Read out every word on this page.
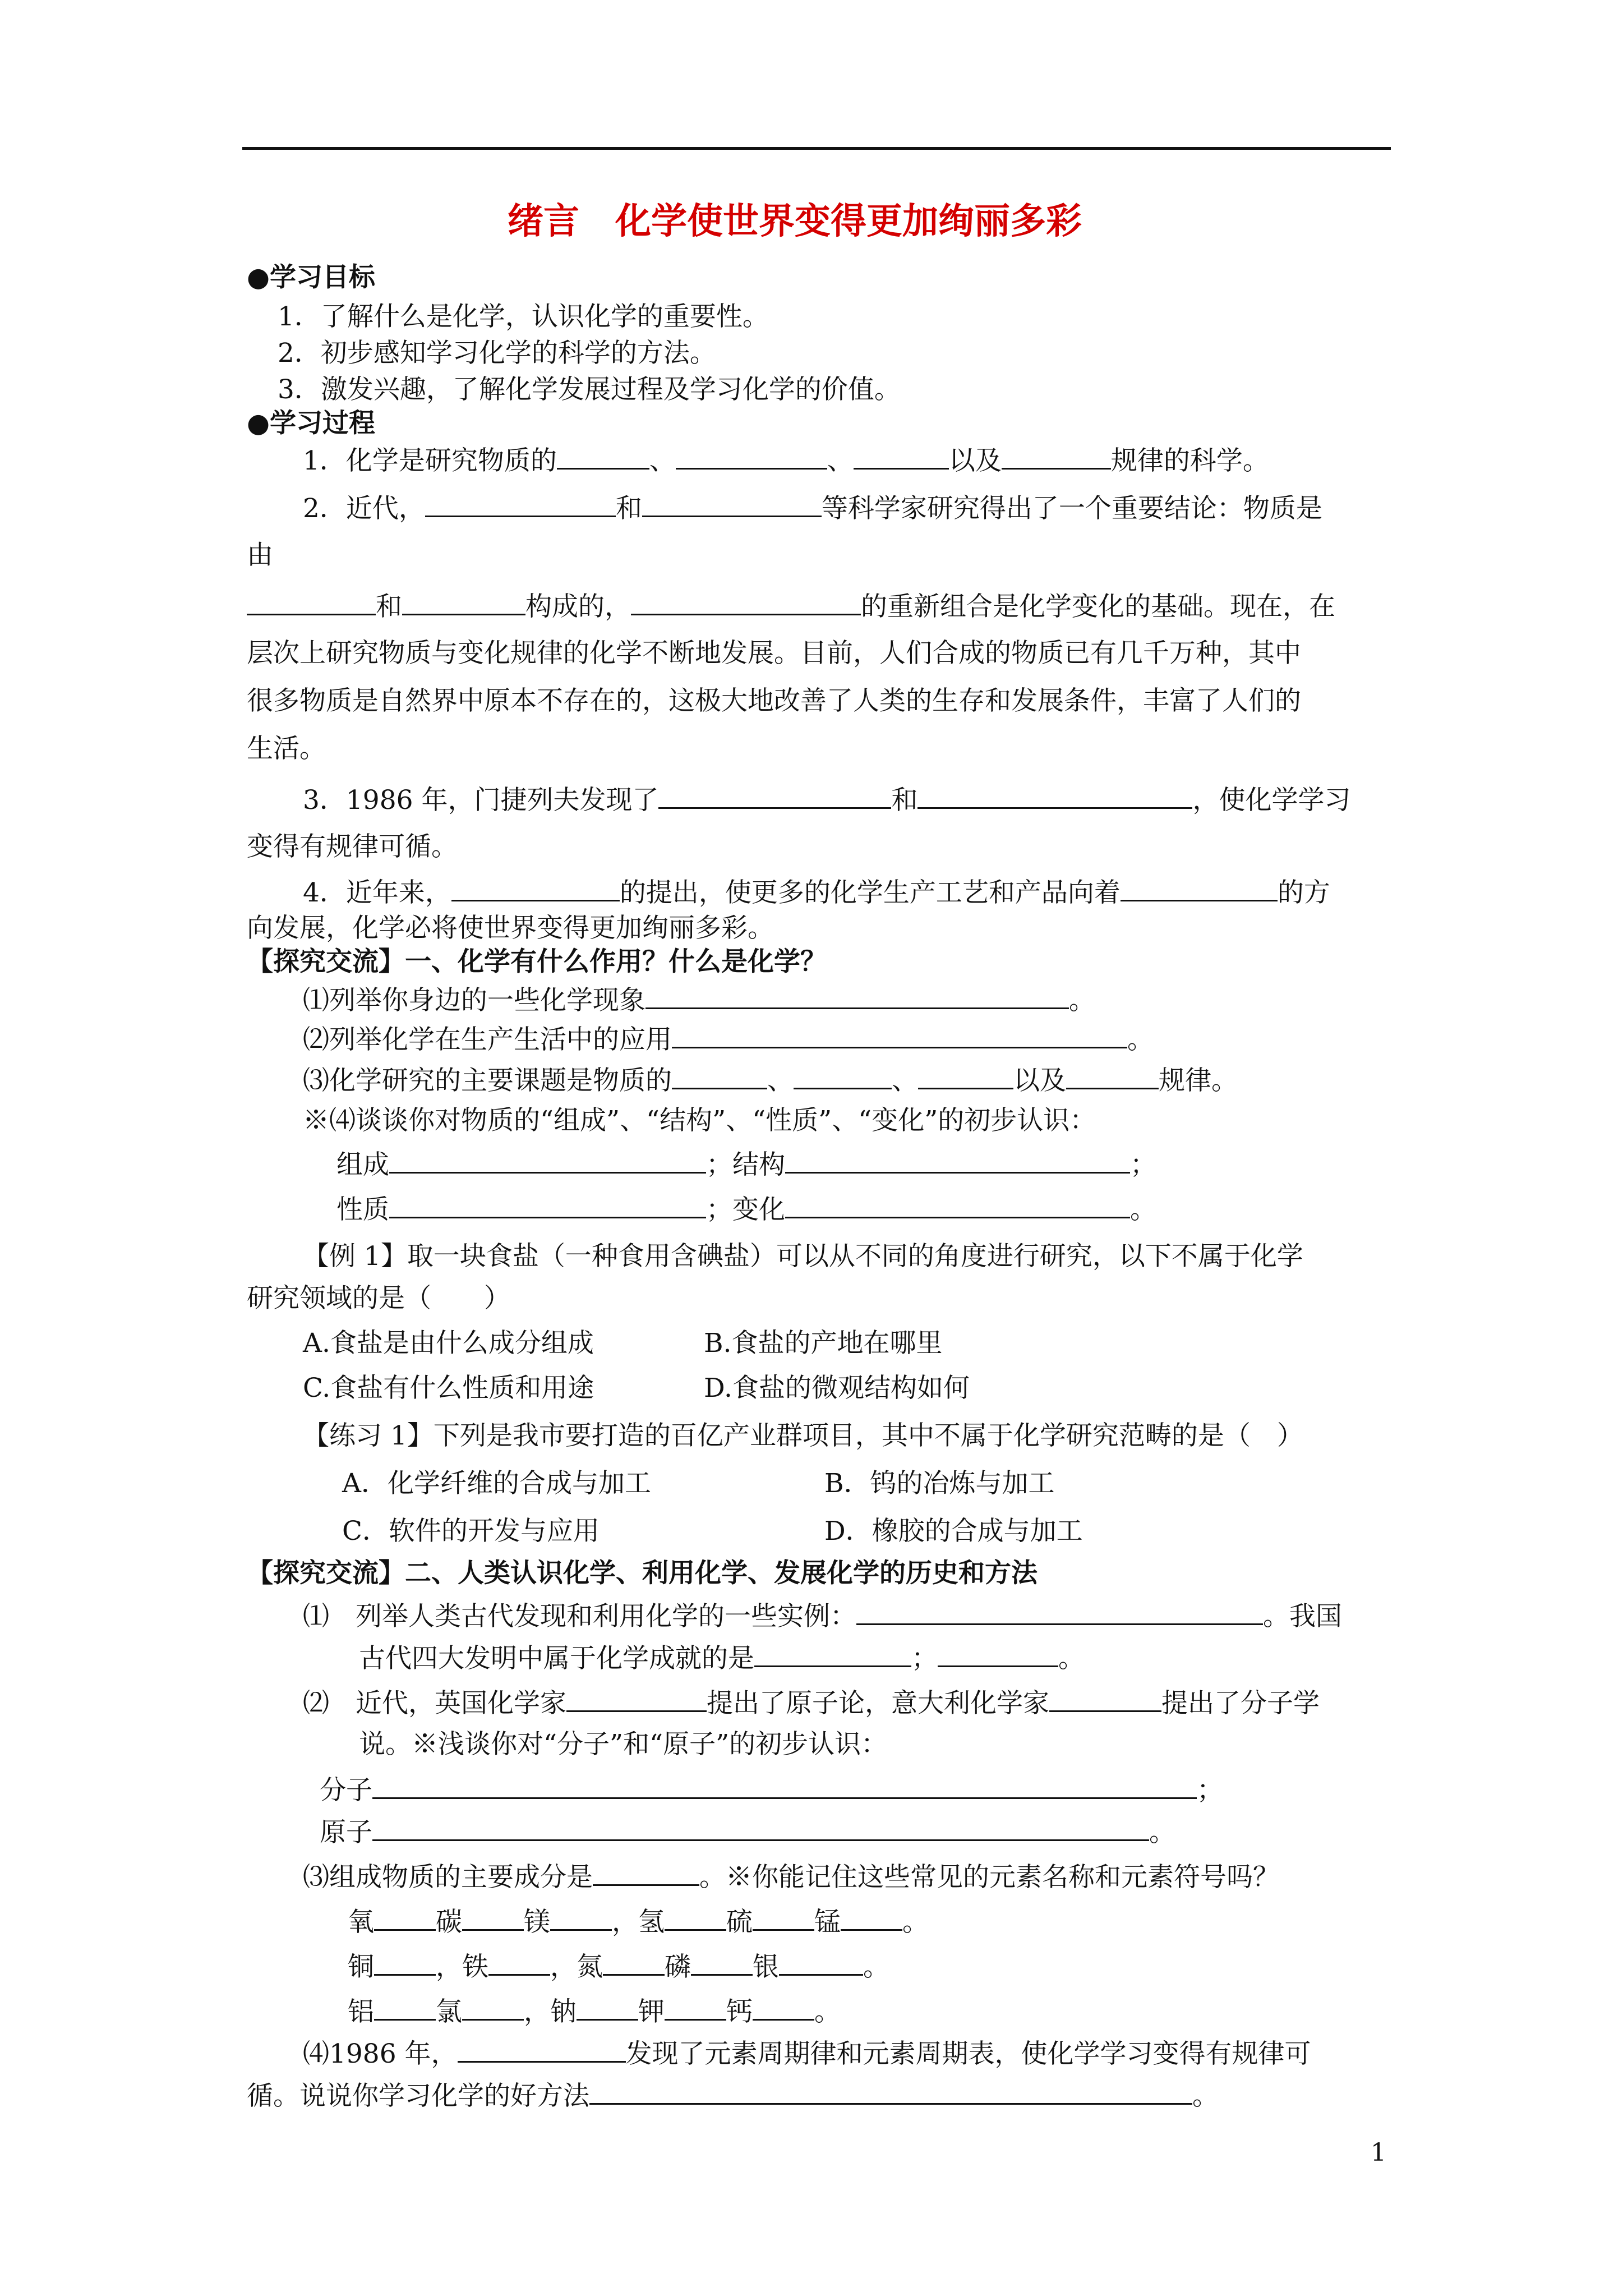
绪言　化学使世界变得更加绚丽多彩
●学习目标
1．了解什么是化学，认识化学的重要性。
2．初步感知学习化学的科学的方法。
3．激发兴趣，了解化学发展过程及学习化学的价值。
●学习过程
1．化学是研究物质的	、	、	以及	规律的科学。
2．近代，	和	等科学家研究得出了一个重要结论：物质是
由
和	构成的，	的重新组合是化学变化的基础。现在，在
层次上研究物质与变化规律的化学不断地发展。目前，人们合成的物质已有几千万种，其中
很多物质是自然界中原本不存在的，这极大地改善了人类的生存和发展条件，丰富了人们的
生活。
3．1986 年，门捷列夫发现了	和	，使化学学习
变得有规律可循。
4．近年来，	的提出，使更多的化学生产工艺和产品向着	的方
向发展，化学必将使世界变得更加绚丽多彩。
【探究交流】一、化学有什么作用？什么是化学？
⑴列举你身边的一些化学现象	。
⑵列举化学在生产生活中的应用	。
⑶化学研究的主要课题是物质的	、	、	以及	规律。
※⑷谈谈你对物质的“组成”、“结构”、“性质”、“变化”的初步认识：
组成	；结构	；
性质	；变化	。
【例 1】取一块食盐（一种食用含碘盐）可以从不同的角度进行研究，以下不属于化学
研究领域的是（　　）
A.食盐是由什么成分组成	B.食盐的产地在哪里
C.食盐有什么性质和用途	D.食盐的微观结构如何
【练习 1】下列是我市要打造的百亿产业群项目，其中不属于化学研究范畴的是（　）
A．化学纤维的合成与加工	B．钨的冶炼与加工
C．软件的开发与应用	D．橡胶的合成与加工
【探究交流】二、人类认识化学、利用化学、发展化学的历史和方法
⑴　列举人类古代发现和利用化学的一些实例：	。我国
古代四大发明中属于化学成就的是	；	。
⑵　近代，英国化学家	提出了原子论，意大利化学家	提出了分子学
说。※浅谈你对“分子”和“原子”的初步认识：
分子	；
原子	。
⑶组成物质的主要成分是	。※你能记住这些常见的元素名称和元素符号吗？
氧 碳 镁 ，氢 硫 锰 。
铜 ，铁 ，氮 磷 银	。
铝 氯 ，钠 钾 钙 。
⑷1986 年，	发现了元素周期律和元素周期表，使化学学习变得有规律可
循。说说你学习化学的好方法	。
1
